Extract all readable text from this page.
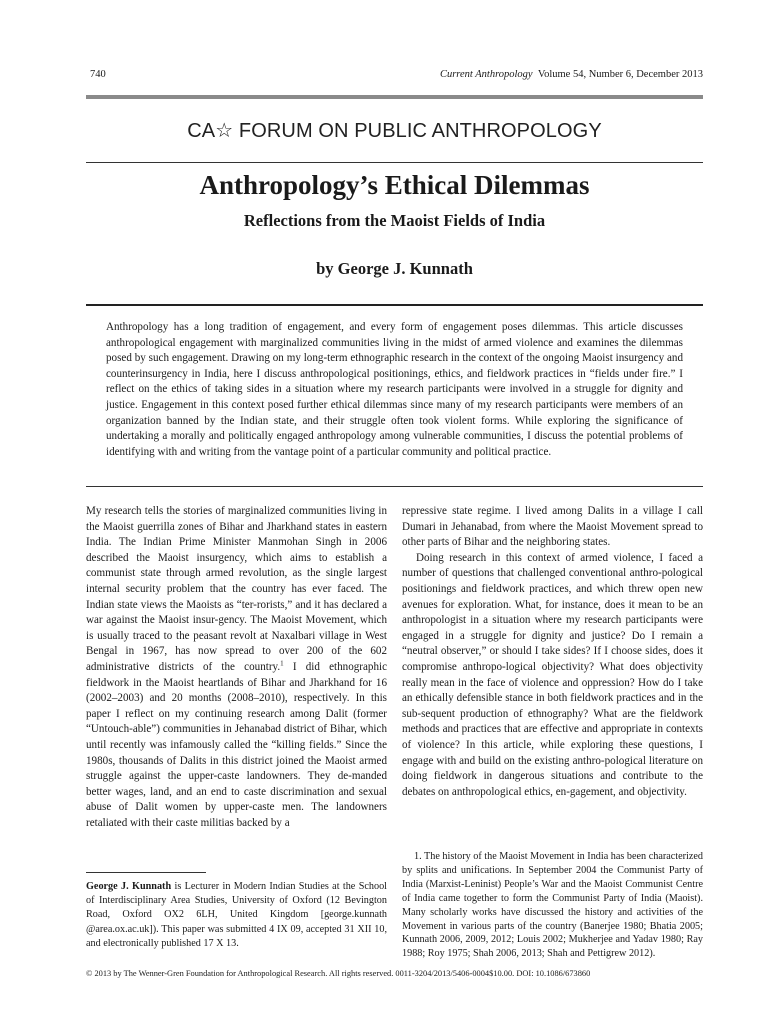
740	Current Anthropology Volume 54, Number 6, December 2013
CA☆ FORUM ON PUBLIC ANTHROPOLOGY
Anthropology’s Ethical Dilemmas
Reflections from the Maoist Fields of India
by George J. Kunnath
Anthropology has a long tradition of engagement, and every form of engagement poses dilemmas. This article discusses anthropological engagement with marginalized communities living in the midst of armed violence and examines the dilemmas posed by such engagement. Drawing on my long-term ethnographic research in the context of the ongoing Maoist insurgency and counterinsurgency in India, here I discuss anthropological positionings, ethics, and fieldwork practices in “fields under fire.” I reflect on the ethics of taking sides in a situation where my research participants were involved in a struggle for dignity and justice. Engagement in this context posed further ethical dilemmas since many of my research participants were members of an organization banned by the Indian state, and their struggle often took violent forms. While exploring the significance of undertaking a morally and politically engaged anthropology among vulnerable communities, I discuss the potential problems of identifying with and writing from the vantage point of a particular community and political practice.

My research tells the stories of marginalized communities living in the Maoist guerrilla zones of Bihar and Jharkhand states in eastern India. The Indian Prime Minister Manmohan Singh in 2006 described the Maoist insurgency, which aims to establish a communist state through armed revolution, as the single largest internal security problem that the country has ever faced. The Indian state views the Maoists as “ter-rorists,” and it has declared a war against the Maoist insur-gency. The Maoist Movement, which is usually traced to the peasant revolt at Naxalbari village in West Bengal in 1967, has now spread to over 200 of the 602 administrative districts of the country.$^1$ I did ethnographic fieldwork in the Maoist heartlands of Bihar and Jharkhand for 16 (2002–2003) and 20 months (2008–2010), respectively. In this paper I reflect on my continuing research among Dalit (former “Untouch-able”) communities in Jehanabad district of Bihar, which until recently was infamously called the “killing fields.” Since the 1980s, thousands of Dalits in this district joined the Maoist armed struggle against the upper-caste landowners. They de-manded better wages, land, and an end to caste discrimination and sexual abuse of Dalit women by upper-caste men. The landowners retaliated with their caste militias backed by a

repressive state regime. I lived among Dalits in a village I call Dumari in Jehanabad, from where the Maoist Movement spread to other parts of Bihar and the neighboring states.

Doing research in this context of armed violence, I faced a number of questions that challenged conventional anthro-pological positionings and fieldwork practices, and which threw open new avenues for exploration. What, for instance, does it mean to be an anthropologist in a situation where my research participants were engaged in a struggle for dignity and justice? Do I remain a “neutral observer,” or should I take sides? If I choose sides, does it compromise anthropo-logical objectivity? What does objectivity really mean in the face of violence and oppression? How do I take an ethically defensible stance in both fieldwork practices and in the sub-sequent production of ethnography? What are the fieldwork methods and practices that are effective and appropriate in contexts of violence? In this article, while exploring these questions, I engage with and build on the existing anthro-pological literature on doing fieldwork in dangerous situations and contribute to the debates on anthropological ethics, en-gagement, and objectivity.

George J. Kunnath is Lecturer in Modern Indian Studies at the School of Interdisciplinary Area Studies, University of Oxford (12 Bevington Road, Oxford OX2 6LH, United Kingdom [george.kunnath @area.ox.ac.uk]). This paper was submitted 4 IX 09, accepted 31 XII 10, and electronically published 17 X 13.
1. The history of the Maoist Movement in India has been characterized by splits and unifications. In September 2004 the Communist Party of India (Marxist-Leninist) People’s War and the Maoist Communist Centre of India came together to form the Communist Party of India (Maoist). Many scholarly works have discussed the history and activities of the Movement in various parts of the country (Banerjee 1980; Bhatia 2005; Kunnath 2006, 2009, 2012; Louis 2002; Mukherjee and Yadav 1980; Ray 1988; Roy 1975; Shah 2006, 2013; Shah and Pettigrew 2012).
© 2013 by The Wenner-Gren Foundation for Anthropological Research. All rights reserved. 0011-3204/2013/5406-0004$10.00. DOI: 10.1086/673860
